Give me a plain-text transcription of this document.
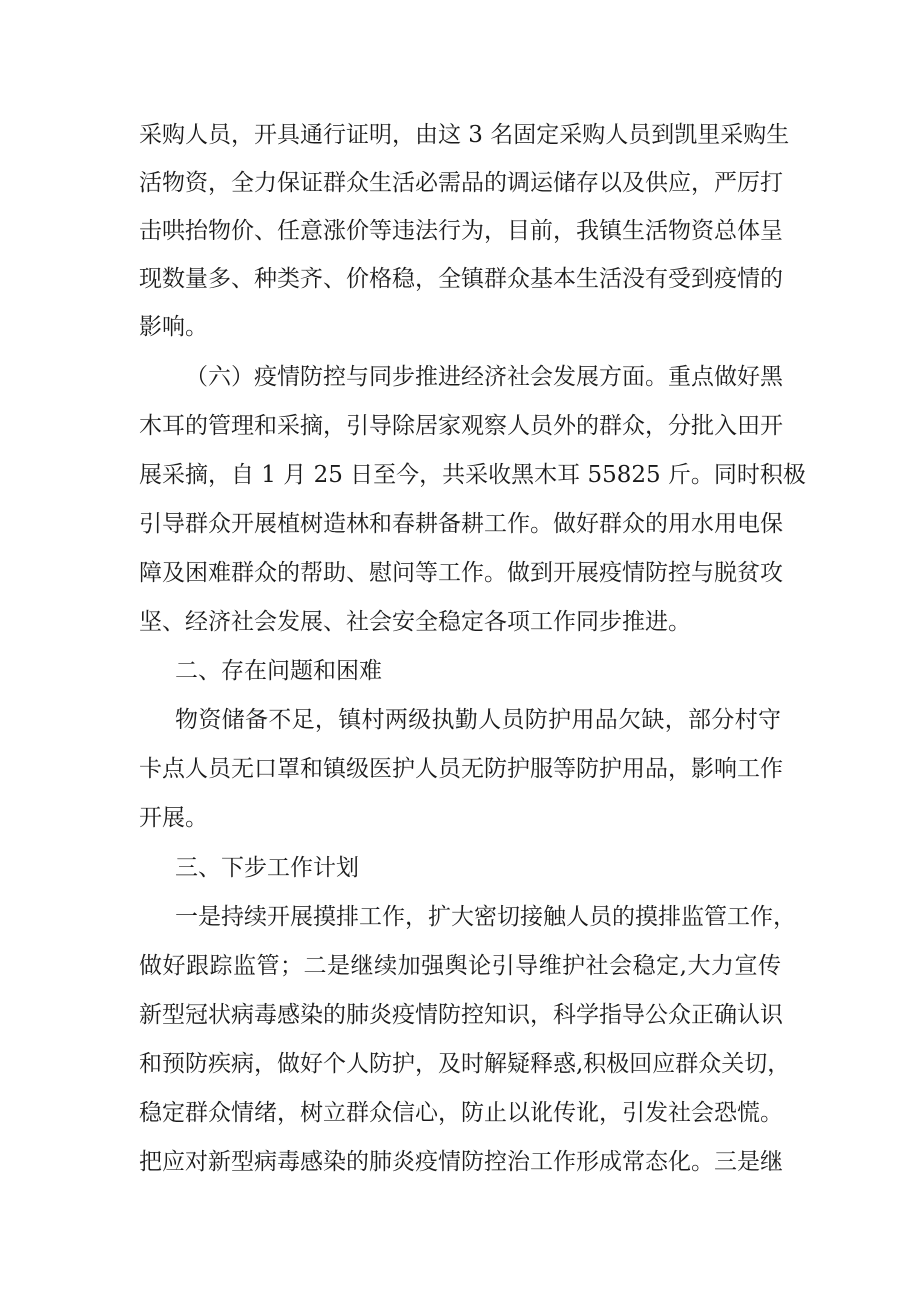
采购人员，开具通行证明，由这 3 名固定采购人员到凯里采购生
活物资，全力保证群众生活必需品的调运储存以及供应，严厉打
击哄抬物价、任意涨价等违法行为，目前，我镇生活物资总体呈
现数量多、种类齐、价格稳，全镇群众基本生活没有受到疫情的
影响。
（六）疫情防控与同步推进经济社会发展方面。重点做好黑
木耳的管理和采摘，引导除居家观察人员外的群众，分批入田开
展采摘，自 1 月 25 日至今，共采收黑木耳 55825 斤。同时积极
引导群众开展植树造林和春耕备耕工作。做好群众的用水用电保
障及困难群众的帮助、慰问等工作。做到开展疫情防控与脱贫攻
坚、经济社会发展、社会安全稳定各项工作同步推进。
二、存在问题和困难
物资储备不足，镇村两级执勤人员防护用品欠缺，部分村守
卡点人员无口罩和镇级医护人员无防护服等防护用品，影响工作
开展。
三、下步工作计划
一是持续开展摸排工作，扩大密切接触人员的摸排监管工作，
做好跟踪监管；二是继续加强舆论引导维护社会稳定,大力宣传
新型冠状病毒感染的肺炎疫情防控知识，科学指导公众正确认识
和预防疾病，做好个人防护，及时解疑释惑,积极回应群众关切，
稳定群众情绪，树立群众信心，防止以讹传讹，引发社会恐慌。
把应对新型病毒感染的肺炎疫情防控治工作形成常态化。三是继
